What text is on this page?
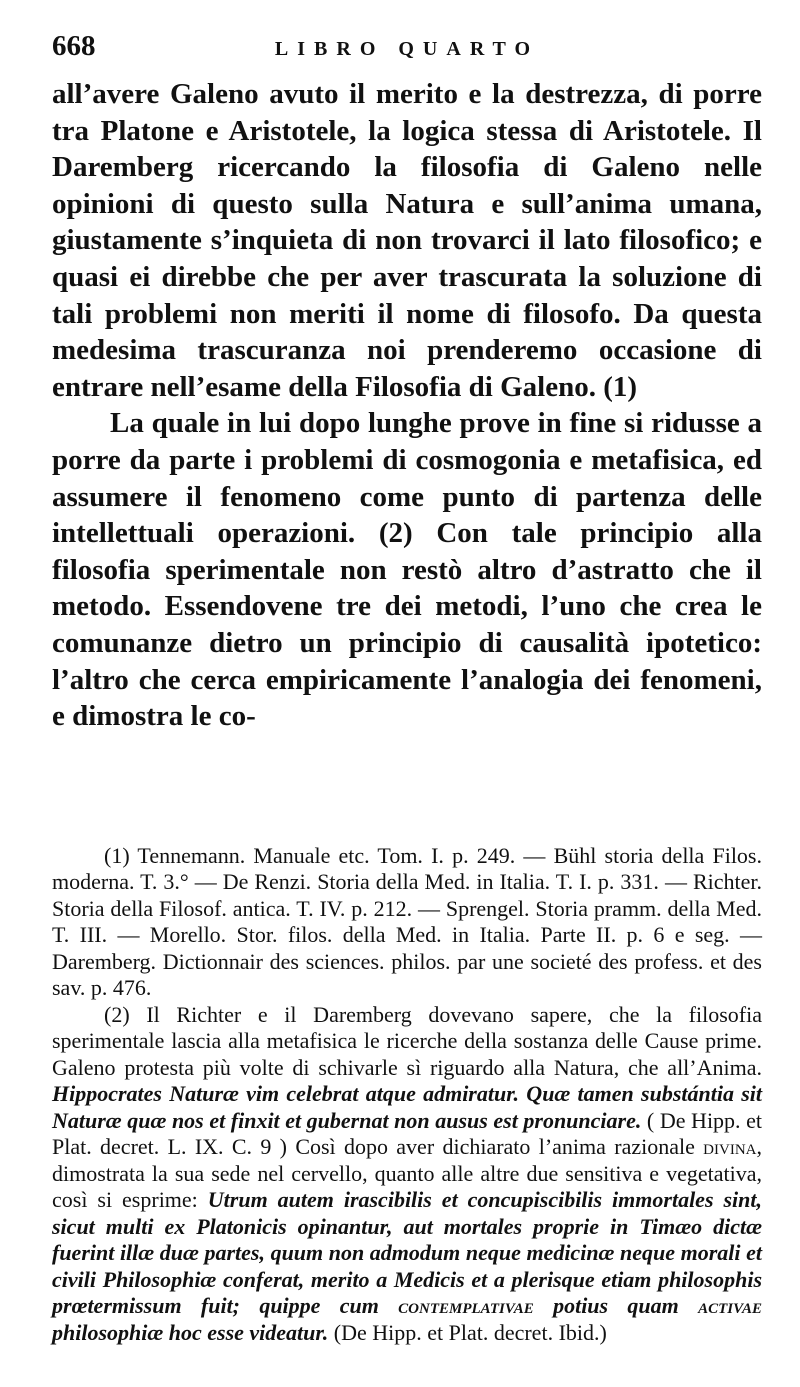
668	LIBRO QUARTO

all’avere Galeno avuto il merito e la destrezza, di porre tra Platone e Aristotele, la logica stessa di Aristotele. Il Daremberg ricercando la filosofia di Galeno nelle opinioni di questo sulla Natura e sull’anima umana, giustamente s’inquieta di non trovarci il lato filosofico; e quasi ei direbbe che per aver trascurata la soluzione di tali problemi non meriti il nome di filosofo. Da questa medesima trascuranza noi prenderemo occasione di entrare nell’esame della Filosofia di Galeno. (1)

La quale in lui dopo lunghe prove in fine si ridusse a porre da parte i problemi di cosmogonia e metafisica, ed assumere il fenomeno come punto di partenza delle intellettuali operazioni. (2) Con tale principio alla filosofia sperimentale non restò altro d’astratto che il metodo. Essendovene tre dei metodi, l’uno che crea le comunanze dietro un principio di causalità ipotetico: l’altro che cerca empiricamente l’analogia dei fenomeni, e dimostra le co-

(1) Tennemann. Manuale etc. Tom. I. p. 249. — Bühl storia della Filos. moderna. T. 3.° — De Renzi. Storia della Med. in Italia. T. I. p. 331. — Richter. Storia della Filosof. antica. T. IV. p. 212. — Sprengel. Storia pramm. della Med. T. III. — Morello. Stor. filos. della Med. in Italia. Parte II. p. 6 e seg. — Daremberg. Dictionnair des sciences. philos. par une societé des profess. et des sav. p. 476.

(2) Il Richter e il Daremberg dovevano sapere, che la filosofia sperimentale lascia alla metafisica le ricerche della sostanza delle Cause prime. Galeno protesta più volte di schivarle sì riguardo alla Natura, che all’Anima. Hippocrates Naturæ vim celebrat atque admiratur. Quæ tamen substántia sit Naturæ quæ nos et finxit et gubernat non ausus est pronunciare. ( De Hipp. et Plat. decret. L. IX. C. 9 ) Così dopo aver dichiarato l’anima razionale divina, dimostrata la sua sede nel cervello, quanto alle altre due sensitiva e vegetativa, così si esprime: Utrum autem irascibilis et concupiscibilis immortales sint, sicut multi ex Platonicis opinantur, aut mortales proprie in Timæo dictæ fuerint illæ duæ partes, quum non admodum neque medicinæ neque morali et civili Philosophiæ conferat, merito a Medicis et a plerisque etiam philosophis prœtermissum fuit; quippe cum contemplativae potius quam activae philosophiæ hoc esse videatur. (De Hipp. et Plat. decret. Ibid.)
